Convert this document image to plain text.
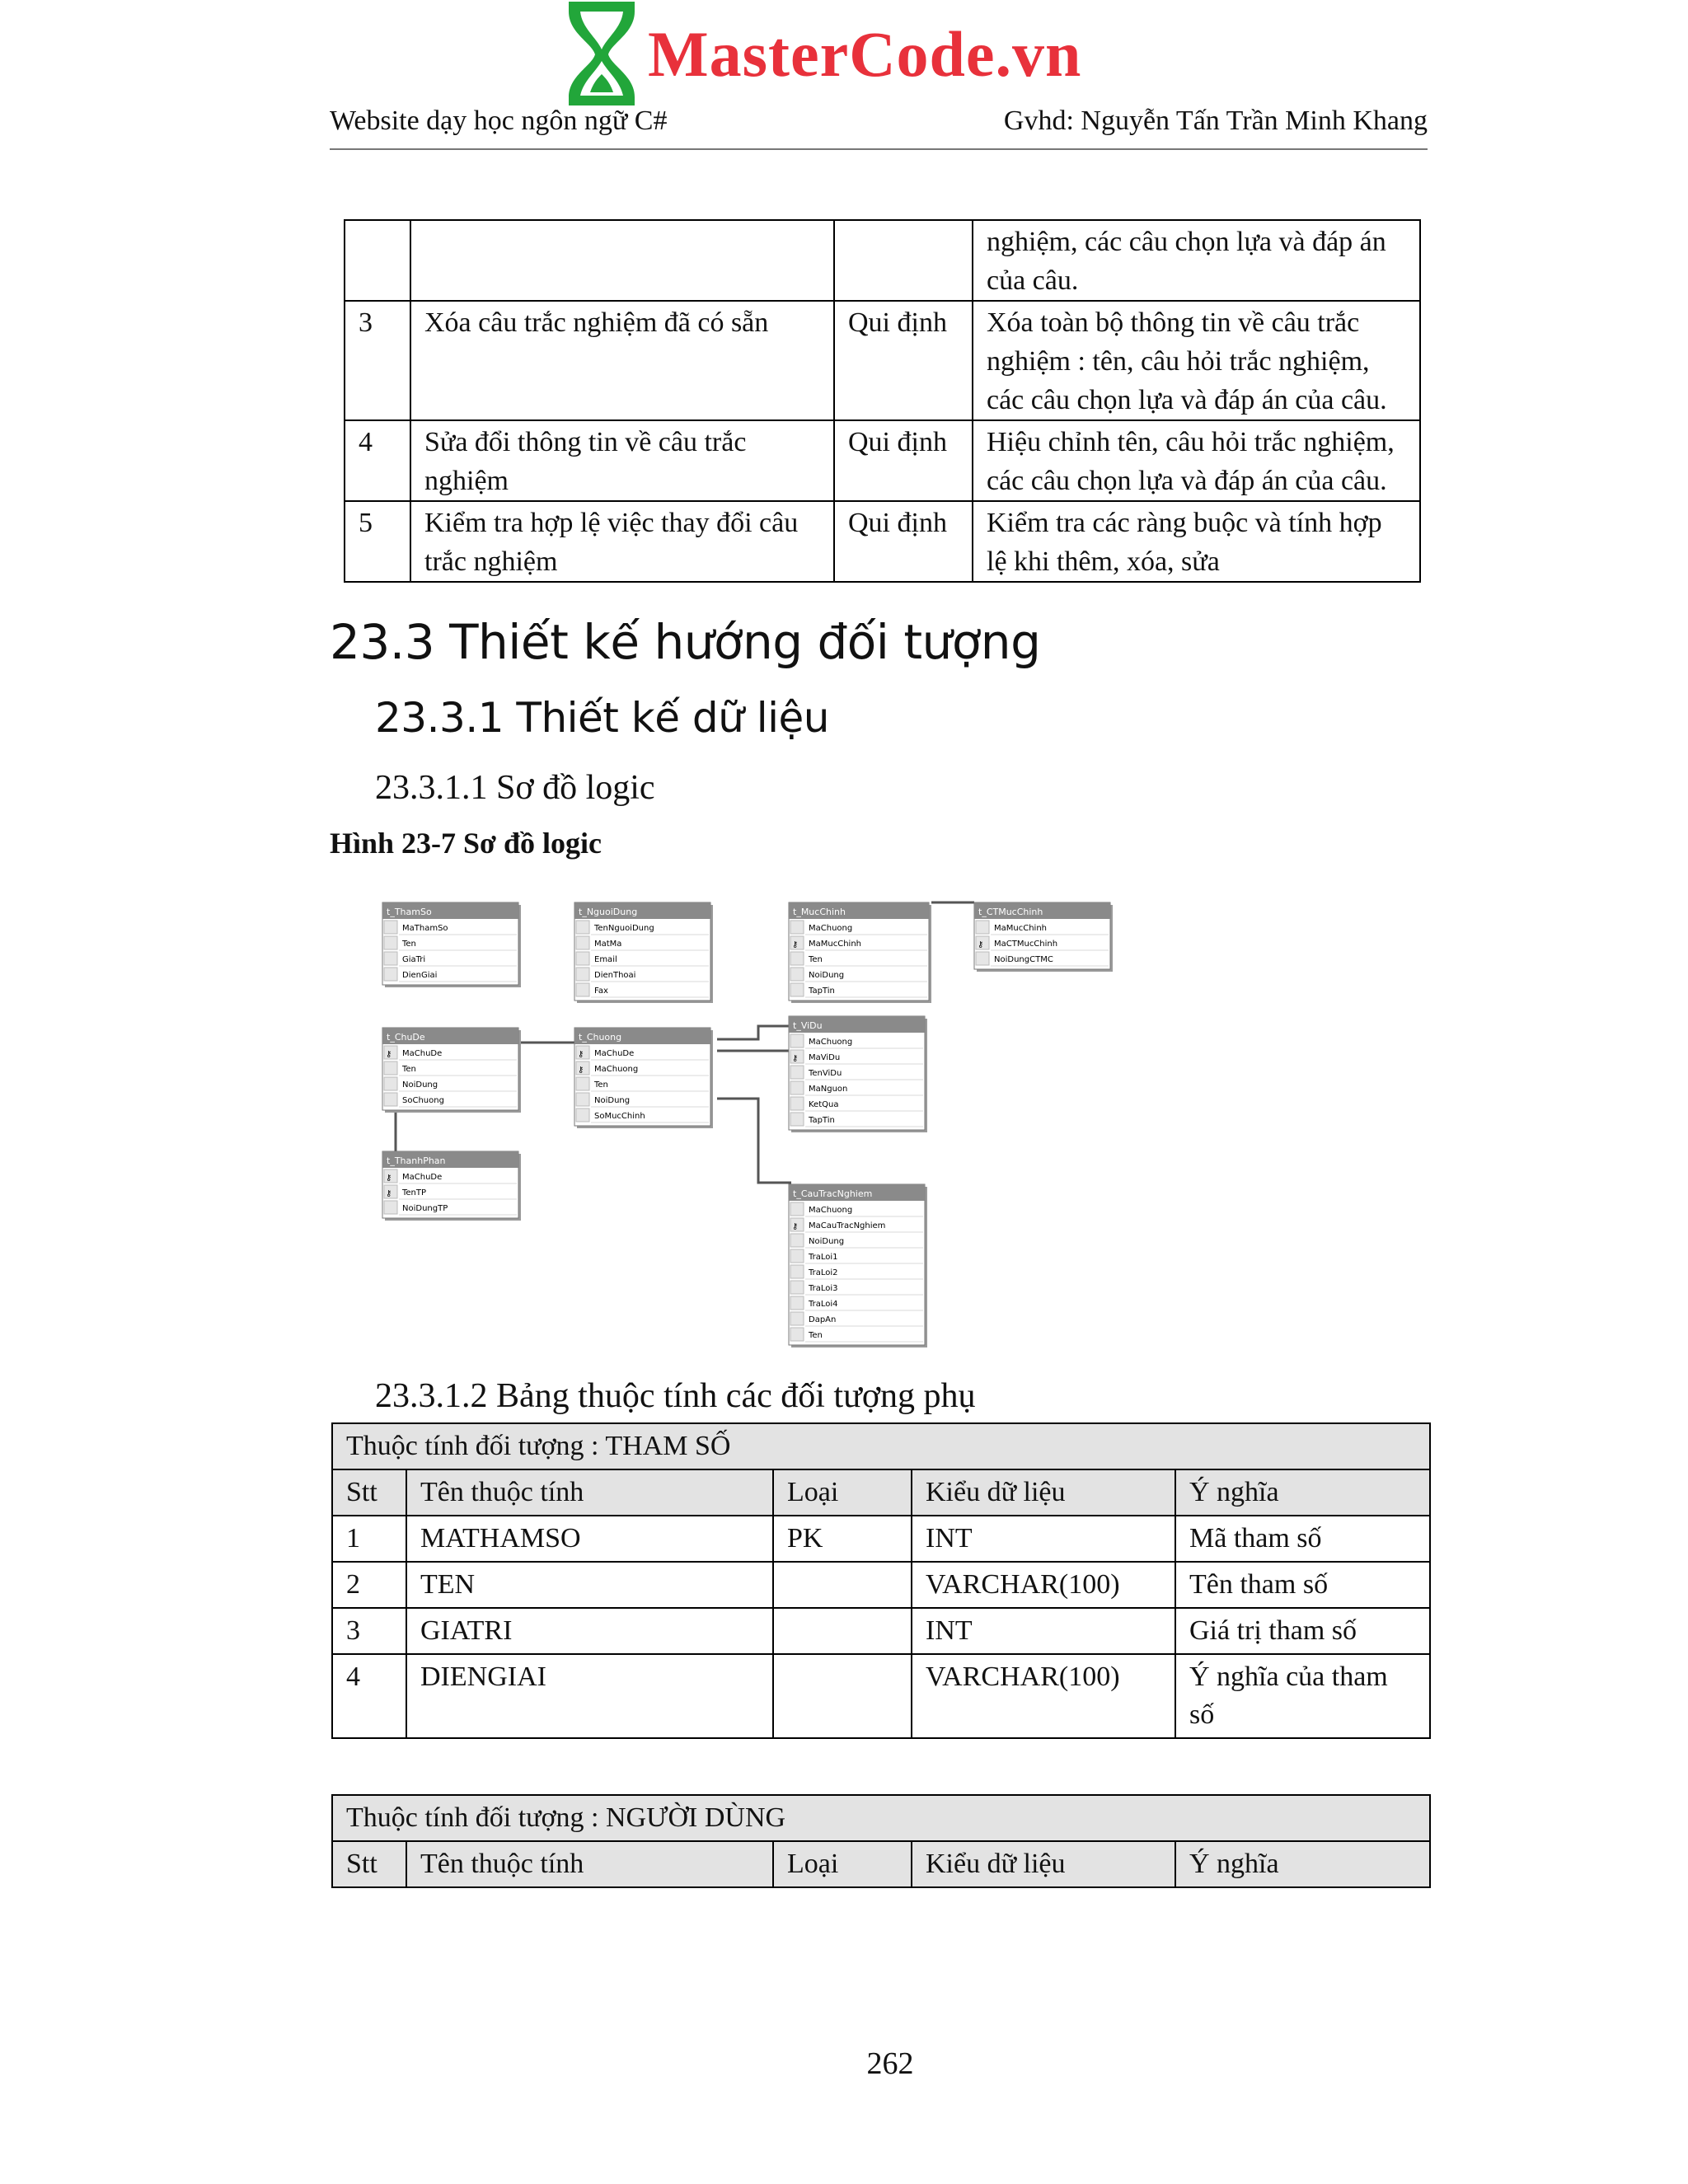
MasterCode.vn
Website dạy học ngôn ngữ C#	Gvhd: Nguyễn Tấn Trần Minh Khang
			nghiệm, các câu chọn lựa và đáp án của câu.
3	Xóa câu trắc nghiệm đã có sẵn	Qui định	Xóa toàn bộ thông tin về câu trắc nghiệm : tên, câu hỏi trắc nghiệm, các câu chọn lựa và đáp án của câu.
4	Sửa đổi thông tin về câu trắc nghiệm	Qui định	Hiệu chỉnh tên, câu hỏi trắc nghiệm, các câu chọn lựa và đáp án của câu.
5	Kiểm tra hợp lệ việc thay đổi câu trắc nghiệm	Qui định	Kiểm tra các ràng buộc và tính hợp lệ khi thêm, xóa, sửa
23.3 Thiết kế hướng đối tượng
23.3.1 Thiết kế dữ liệu
23.3.1.1 Sơ đồ logic
Hình 23-7 Sơ đồ logic
t_ThamSo
MaThamSo
Ten
GiaTri
DienGiai
t_NguoiDung
TenNguoiDung
MatMa
Email
DienThoai
Fax
t_MucChinh
MaChuong
⚷ MaMucChinh
Ten
NoiDung
TapTin
t_CTMucChinh
MaMucChinh
⚷ MaCTMucChinh
NoiDungCTMC
t_ChuDe
⚷ MaChuDe
Ten
NoiDung
SoChuong
t_Chuong
⚷ MaChuDe
⚷ MaChuong
Ten
NoiDung
SoMucChinh
t_ViDu
MaChuong
⚷ MaViDu
TenViDu
MaNguon
KetQua
TapTin
t_ThanhPhan
⚷ MaChuDe
⚷ TenTP
NoiDungTP
t_CauTracNghiem
MaChuong
⚷ MaCauTracNghiem
NoiDung
TraLoi1
TraLoi2
TraLoi3
TraLoi4
DapAn
Ten
23.3.1.2 Bảng thuộc tính các đối tượng phụ
Thuộc tính đối tượng : THAM SỐ				
Stt	Tên thuộc tính	Loại	Kiểu dữ liệu	Ý nghĩa
1	MATHAMSO	PK	INT	Mã tham số
2	TEN		VARCHAR(100)	Tên tham số
3	GIATRI		INT	Giá trị tham số
4	DIENGIAI		VARCHAR(100)	Ý nghĩa của tham số
Thuộc tính đối tượng : NGƯỜI DÙNG
Stt	Tên thuộc tính	Loại	Kiểu dữ liệu	Ý nghĩa
262
